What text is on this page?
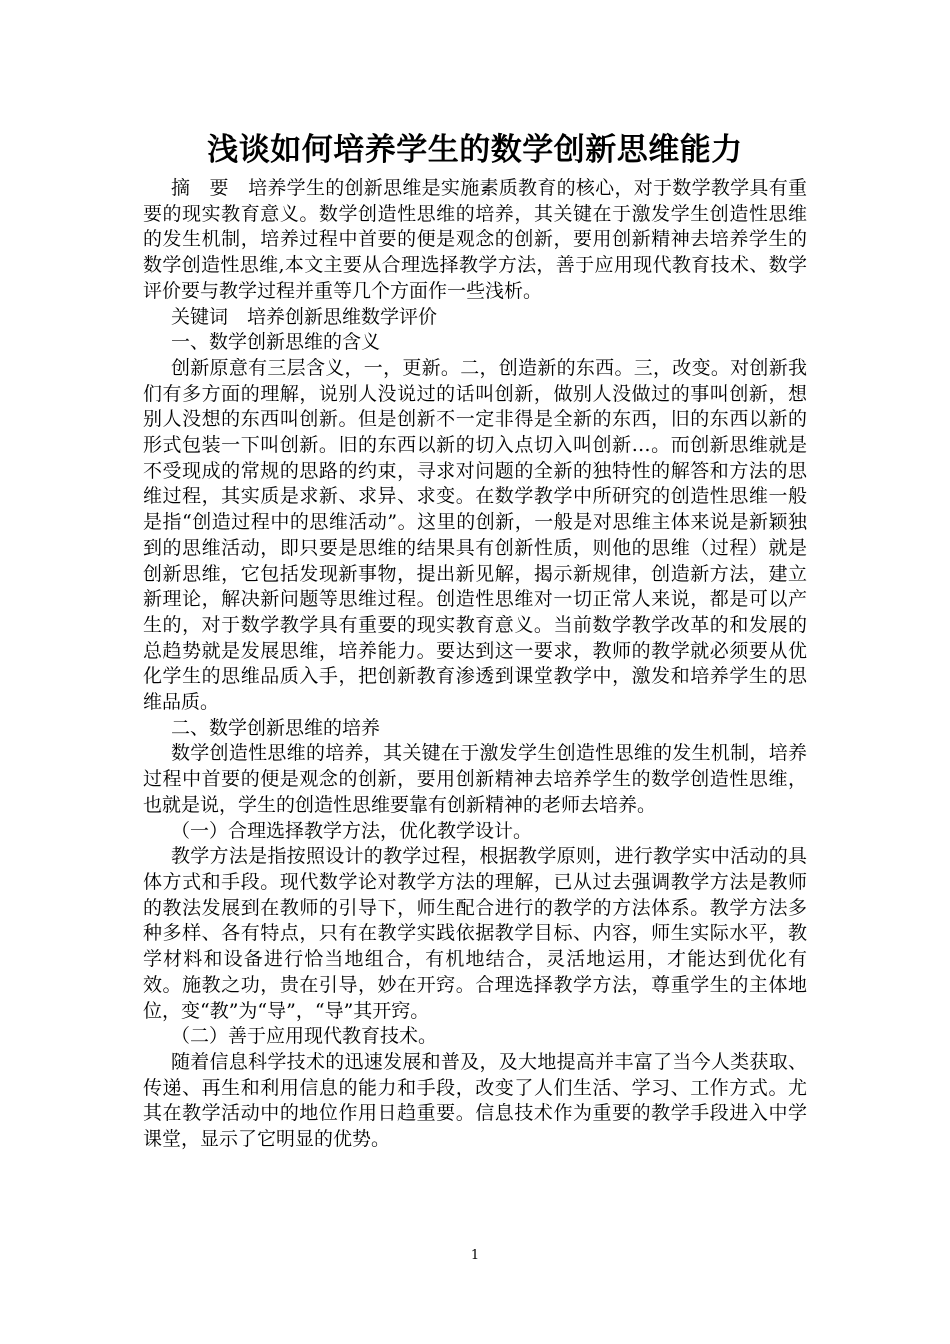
浅谈如何培养学生的数学创新思维能力

摘　要　培养学生的创新思维是实施素质教育的核心，对于数学教学具有重要的现实教育意义。数学创造性思维的培养，其关键在于激发学生创造性思维的发生机制，培养过程中首要的便是观念的创新，要用创新精神去培养学生的数学创造性思维,本文主要从合理选择教学方法，善于应用现代教育技术、数学评价要与教学过程并重等几个方面作一些浅析。

关键词　培养创新思维数学评价

一、数学创新思维的含义

创新原意有三层含义，一，更新。二，创造新的东西。三，改变。对创新我们有多方面的理解，说别人没说过的话叫创新，做别人没做过的事叫创新，想别人没想的东西叫创新。但是创新不一定非得是全新的东西，旧的东西以新的形式包装一下叫创新。旧的东西以新的切入点切入叫创新…。而创新思维就是不受现成的常规的思路的约束，寻求对问题的全新的独特性的解答和方法的思维过程，其实质是求新、求异、求变。在数学教学中所研究的创造性思维一般是指“创造过程中的思维活动”。这里的创新，一般是对思维主体来说是新颖独到的思维活动，即只要是思维的结果具有创新性质，则他的思维（过程）就是创新思维，它包括发现新事物，提出新见解，揭示新规律，创造新方法，建立新理论，解决新问题等思维过程。创造性思维对一切正常人来说，都是可以产生的，对于数学教学具有重要的现实教育意义。当前数学教学改革的和发展的总趋势就是发展思维，培养能力。要达到这一要求，教师的教学就必须要从优化学生的思维品质入手，把创新教育渗透到课堂教学中，激发和培养学生的思维品质。

二、数学创新思维的培养

数学创造性思维的培养，其关键在于激发学生创造性思维的发生机制，培养过程中首要的便是观念的创新，要用创新精神去培养学生的数学创造性思维，也就是说，学生的创造性思维要靠有创新精神的老师去培养。

（一）合理选择教学方法，优化教学设计。

教学方法是指按照设计的教学过程，根据教学原则，进行教学实中活动的具体方式和手段。现代数学论对教学方法的理解，已从过去强调教学方法是教师的教法发展到在教师的引导下，师生配合进行的教学的方法体系。教学方法多种多样、各有特点，只有在教学实践依据教学目标、内容，师生实际水平，教学材料和设备进行恰当地组合，有机地结合，灵活地运用，才能达到优化有效。施教之功，贵在引导，妙在开窍。合理选择教学方法，尊重学生的主体地位，变“教”为“导”，“导”其开窍。

（二）善于应用现代教育技术。

随着信息科学技术的迅速发展和普及，及大地提高并丰富了当今人类获取、传递、再生和利用信息的能力和手段，改变了人们生活、学习、工作方式。尤其在教学活动中的地位作用日趋重要。信息技术作为重要的教学手段进入中学课堂，显示了它明显的优势。

1
